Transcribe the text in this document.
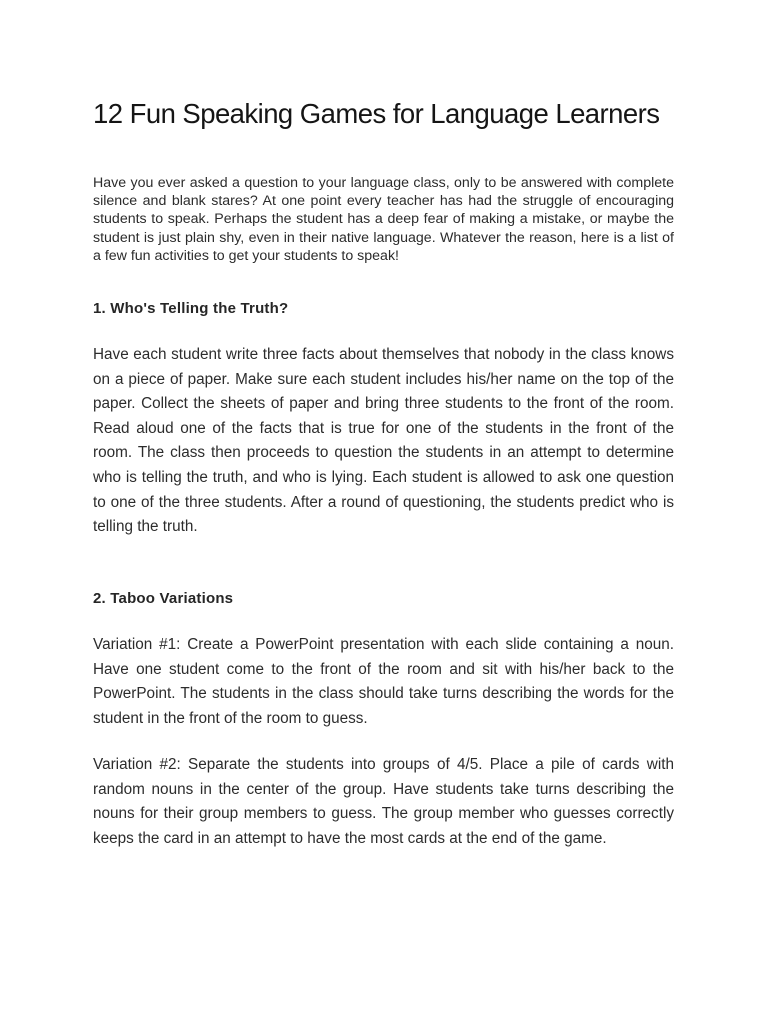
12 Fun Speaking Games for Language Learners

Have you ever asked a question to your language class, only to be answered with complete silence and blank stares? At one point every teacher has had the struggle of encouraging students to speak. Perhaps the student has a deep fear of making a mistake, or maybe the student is just plain shy, even in their native language. Whatever the reason, here is a list of a few fun activities to get your students to speak!

1. Who's Telling the Truth?

Have each student write three facts about themselves that nobody in the class knows on a piece of paper. Make sure each student includes his/her name on the top of the paper. Collect the sheets of paper and bring three students to the front of the room. Read aloud one of the facts that is true for one of the students in the front of the room. The class then proceeds to question the students in an attempt to determine who is telling the truth, and who is lying. Each student is allowed to ask one question to one of the three students. After a round of questioning, the students predict who is telling the truth.

2. Taboo Variations

Variation #1: Create a PowerPoint presentation with each slide containing a noun. Have one student come to the front of the room and sit with his/her back to the PowerPoint. The students in the class should take turns describing the words for the student in the front of the room to guess.

Variation #2: Separate the students into groups of 4/5. Place a pile of cards with random nouns in the center of the group. Have students take turns describing the nouns for their group members to guess. The group member who guesses correctly keeps the card in an attempt to have the most cards at the end of the game.
